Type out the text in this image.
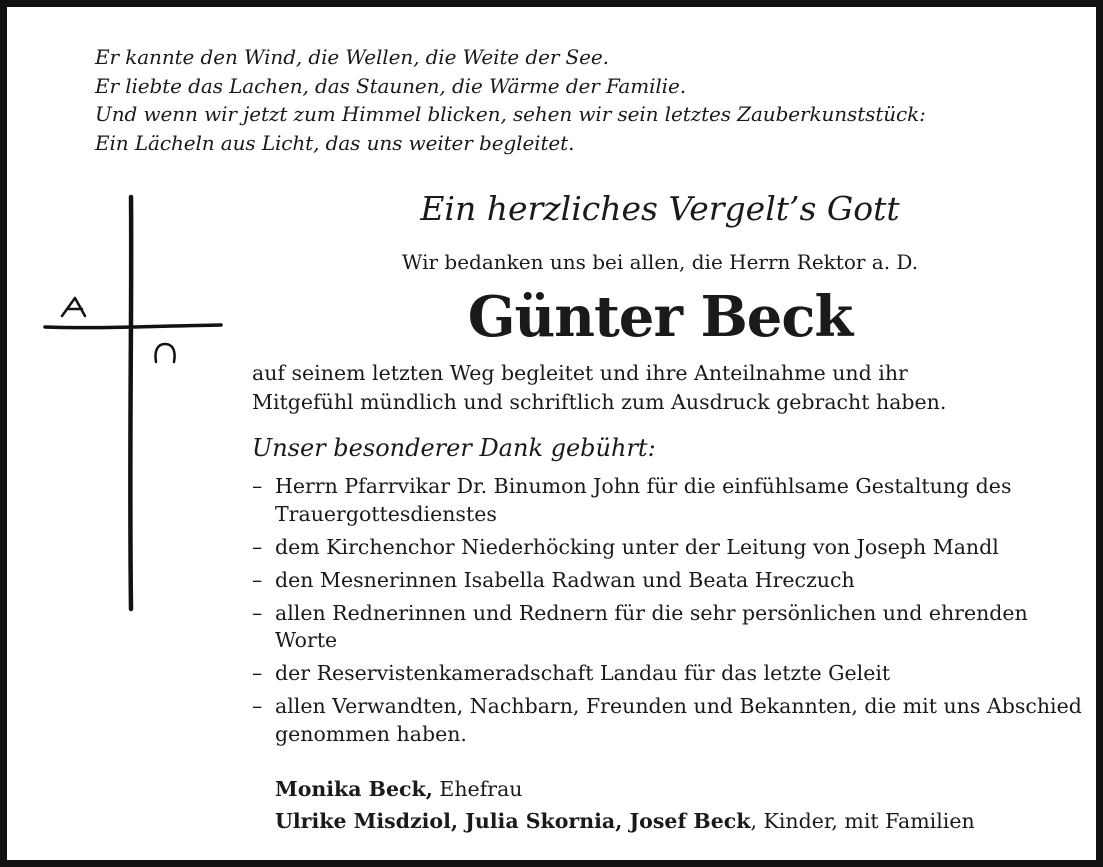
Er kannte den Wind, die Wellen, die Weite der See.
Er liebte das Lachen, das Staunen, die Wärme der Familie.
Und wenn wir jetzt zum Himmel blicken, sehen wir sein letztes Zauberkunststück:
Ein Lächeln aus Licht, das uns weiter begleitet.
Ein herzliches Vergelt’s Gott
Wir bedanken uns bei allen, die Herrn Rektor a. D.
Günter Beck
auf seinem letzten Weg begleitet und ihre Anteilnahme und ihr
Mitgefühl mündlich und schriftlich zum Ausdruck gebracht haben.
Unser besonderer Dank gebührt:
– Herrn Pfarrvikar Dr. Binumon John für die einfühlsame Gestaltung des Trauergottesdienstes
– dem Kirchenchor Niederhöcking unter der Leitung von Joseph Mandl
– den Mesnerinnen Isabella Radwan und Beata Hreczuch
– allen Rednerinnen und Rednern für die sehr persönlichen und ehrenden Worte
– der Reservistenkameradschaft Landau für das letzte Geleit
– allen Verwandten, Nachbarn, Freunden und Bekannten, die mit uns Abschied genommen haben.
Monika Beck, Ehefrau
Ulrike Misdziol, Julia Skornia, Josef Beck, Kinder, mit Familien
